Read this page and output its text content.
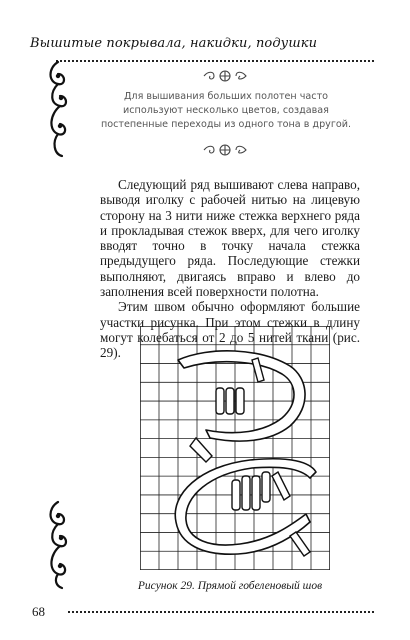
Вышитые покрывала, накидки, подушки
Для вышивания больших полотен часто используют несколько цветов, создавая постепенные переходы из одного тона в другой.

Следующий ряд вышивают слева направо, выводя иголку с рабочей нитью на лицевую сторону на 3 нити ниже стежка верхнего ряда и прокладывая стежок вверх, для чего иголку вводят точно в точку начала стежка предыдущего ряда. Последующие стежки выполняют, двигаясь вправо и влево до заполнения всей поверхности полотна.

Этим швом обычно оформляют большие участки рисунка. При этом стежки в длину могут колебаться от 2 до 5 нитей ткани (рис. 29).

Рисунок 29. Прямой гобеленовый шов
68
